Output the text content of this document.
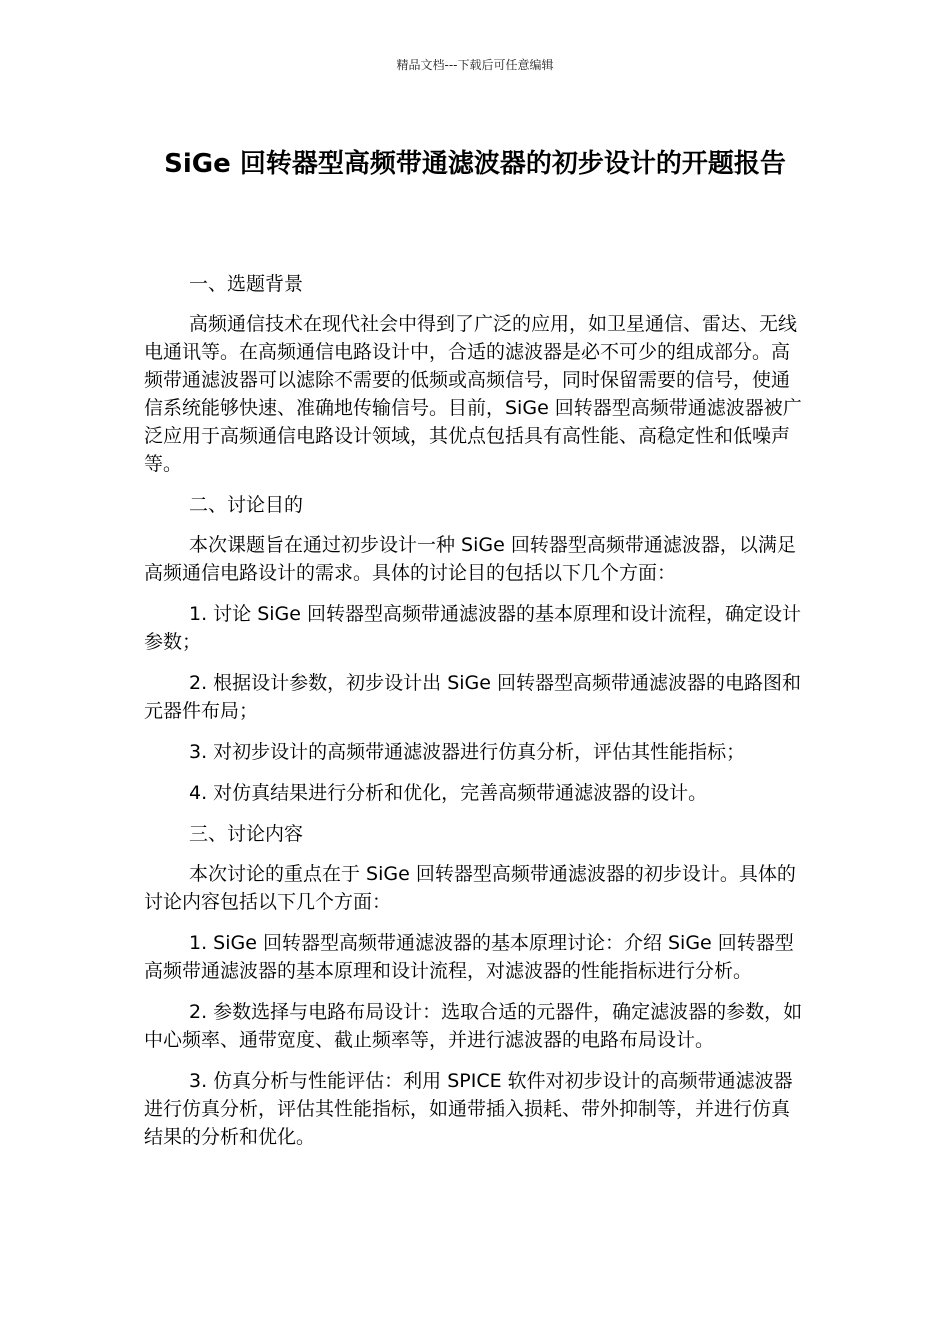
精品文档---下载后可任意编辑
SiGe 回转器型高频带通滤波器的初步设计的开题报告

一、选题背景

高频通信技术在现代社会中得到了广泛的应用，如卫星通信、雷达、无线电通讯等。在高频通信电路设计中，合适的滤波器是必不可少的组成部分。高频带通滤波器可以滤除不需要的低频或高频信号，同时保留需要的信号，使通信系统能够快速、准确地传输信号。目前，SiGe 回转器型高频带通滤波器被广泛应用于高频通信电路设计领域，其优点包括具有高性能、高稳定性和低噪声等。

二、讨论目的

本次课题旨在通过初步设计一种 SiGe 回转器型高频带通滤波器，以满足高频通信电路设计的需求。具体的讨论目的包括以下几个方面：

1. 讨论 SiGe 回转器型高频带通滤波器的基本原理和设计流程，确定设计参数；

2. 根据设计参数，初步设计出 SiGe 回转器型高频带通滤波器的电路图和元器件布局；

3. 对初步设计的高频带通滤波器进行仿真分析，评估其性能指标；

4. 对仿真结果进行分析和优化，完善高频带通滤波器的设计。

三、讨论内容

本次讨论的重点在于 SiGe 回转器型高频带通滤波器的初步设计。具体的讨论内容包括以下几个方面：

1. SiGe 回转器型高频带通滤波器的基本原理讨论：介绍 SiGe 回转器型高频带通滤波器的基本原理和设计流程，对滤波器的性能指标进行分析。

2. 参数选择与电路布局设计：选取合适的元器件，确定滤波器的参数，如中心频率、通带宽度、截止频率等，并进行滤波器的电路布局设计。

3. 仿真分析与性能评估：利用 SPICE 软件对初步设计的高频带通滤波器进行仿真分析，评估其性能指标，如通带插入损耗、带外抑制等，并进行仿真结果的分析和优化。
